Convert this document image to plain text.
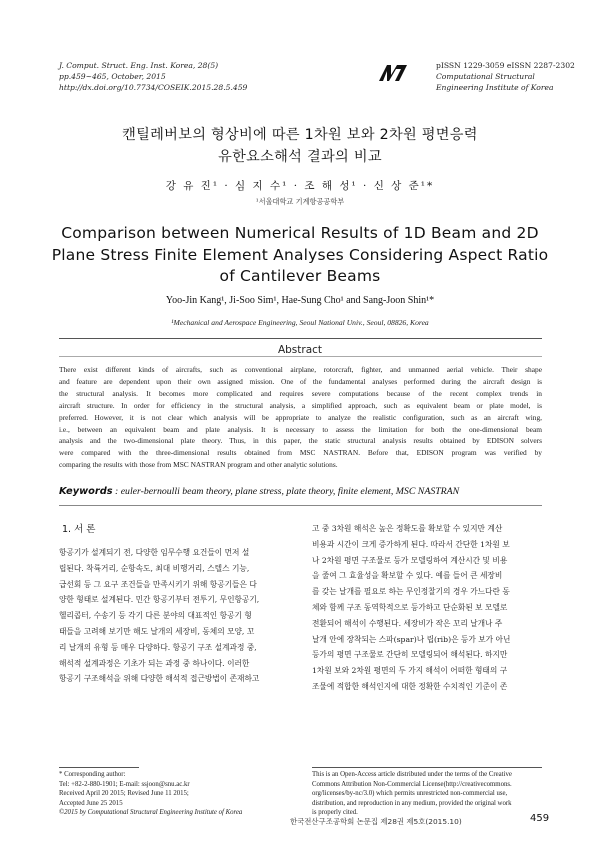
J. Comput. Struct. Eng. Inst. Korea, 28(5)
pp.459~465, October, 2015
http://dx.doi.org/10.7734/COSEIK.2015.28.5.459
pISSN 1229-3059 eISSN 2287-2302
Computational Structural
Engineering Institute of Korea
캔틸레버보의 형상비에 따른 1차원 보와 2차원 평면응력
유한요소해석 결과의 비교
강 유 진¹ · 심 지 수¹ · 조 해 성¹ · 신 상 준¹*
¹서울대학교 기계항공공학부
Comparison between Numerical Results of 1D Beam and 2D
Plane Stress Finite Element Analyses Considering Aspect Ratio
of Cantilever Beams
Yoo-Jin Kang¹, Ji-Soo Sim¹, Hae-Sung Cho¹ and Sang-Joon Shin¹*
¹Mechanical and Aerospace Engineering, Seoul National Univ., Seoul, 08826, Korea
Abstract
There exist different kinds of aircrafts, such as conventional airplane, rotorcraft, fighter, and unmanned aerial vehicle. Their shape
and feature are dependent upon their own assigned mission. One of the fundamental analyses performed during the aircraft design is
the structural analysis. It becomes more complicated and requires severe computations because of the recent complex trends in
aircraft structure. In order for efficiency in the structural analysis, a simplified approach, such as equivalent beam or plate model, is
preferred. However, it is not clear which analysis will be appropriate to analyze the realistic configuration, such as an aircraft wing,
i.e., between an equivalent beam and plate analysis. It is necessary to assess the limitation for both the one-dimensional beam
analysis and the two-dimensional plate theory. Thus, in this paper, the static structural analysis results obtained by EDISON solvers
were compared with the three-dimensional results obtained from MSC NASTRAN. Before that, EDISON program was verified by
comparing the results with those from MSC NASTRAN program and other analytic solutions.
Keywords : euler-bernoulli beam theory, plane stress, plate theory, finite element, MSC NASTRAN
1. 서 론
항공기가 설계되기 전, 다양한 임무수행 요건들이 먼저 설
립된다. 착륙거리, 순항속도, 최대 비행거리, 스텔스 기능,
급선회 등 그 요구 조건들을 만족시키기 위해 항공기들은 다
양한 형태로 설계된다. 민간 항공기부터 전투기, 무인항공기,
헬리콥터, 수송기 등 각기 다른 분야의 대표적인 항공기 형
태들을 고려해 보기만 해도 날개의 세장비, 동체의 모양, 꼬
리 날개의 유형 등 매우 다양하다. 항공기 구조 설계과정 중,
해석적 설계과정은 기초가 되는 과정 중 하나이다. 이러한
항공기 구조해석을 위해 다양한 해석적 접근방법이 존재하고
고 중 3차원 해석은 높은 정확도를 확보할 수 있지만 계산
비용과 시간이 크게 증가하게 된다. 따라서 간단한 1차원 보
나 2차원 평면 구조물로 등가 모델링하여 계산시간 및 비용
을 줄여 그 효율성을 확보할 수 있다. 예를 들어 큰 세장비
를 갖는 날개를 필요로 하는 무인정찰기의 경우 가느다란 동
체와 함께 구조 동역학적으로 등가하고 단순화된 보 모델로
전환되어 해석이 수행된다. 세장비가 작은 꼬리 날개나 주
날개 안에 장착되는 스파(spar)나 립(rib)은 등가 보가 아닌
등가의 평면 구조물로 간단히 모델링되어 해석된다. 하지만
1차원 보와 2차원 평면의 두 가지 해석이 어떠한 형태의 구
조물에 적합한 해석인지에 대한 정확한 수치적인 기준이 존
* Corresponding author:
Tel: +82-2-880-1901; E-mail: ssjoon@snu.ac.kr
Received April 20 2015; Revised June 11 2015;
Accepted June 25 2015
©2015 by Computational Structural Engineering Institute of Korea
This is an Open-Access article distributed under the terms of the Creative
Commons Attribution Non-Commercial License(http://creativecommons.
org/licenses/by-nc/3.0) which permits unrestricted non-commercial use,
distribution, and reproduction in any medium, provided the original work
is properly cited.
한국전산구조공학회 논문집 제28권 제5호(2015.10)	459
